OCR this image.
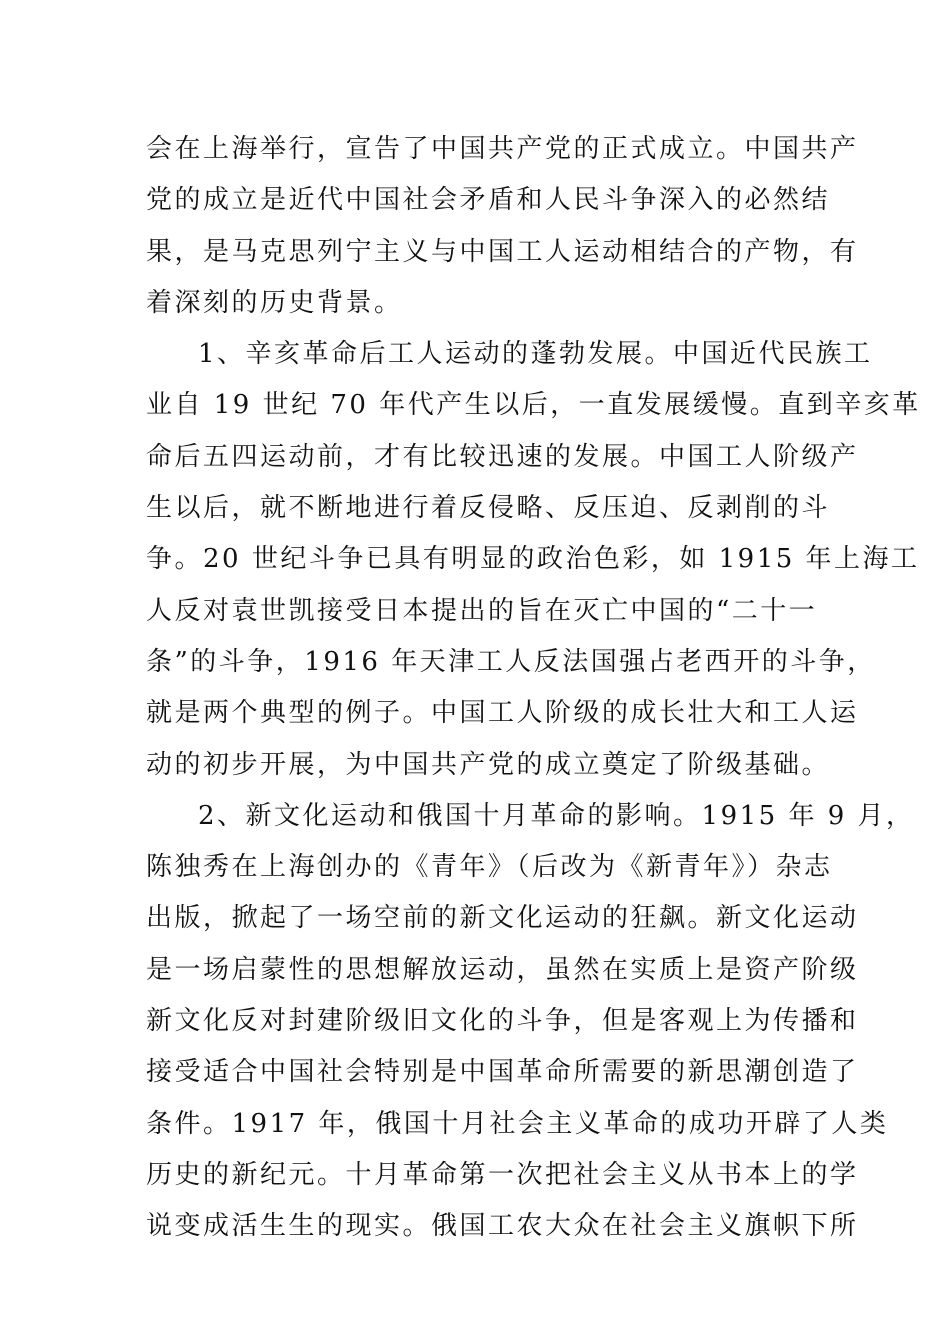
会在上海举行，宣告了中国共产党的正式成立。中国共产
党的成立是近代中国社会矛盾和人民斗争深入的必然结
果，是马克思列宁主义与中国工人运动相结合的产物，有
着深刻的历史背景。
1、辛亥革命后工人运动的蓬勃发展。中国近代民族工
业自 19 世纪 70 年代产生以后，一直发展缓慢。直到辛亥革
命后五四运动前，才有比较迅速的发展。中国工人阶级产
生以后，就不断地进行着反侵略、反压迫、反剥削的斗
争。20 世纪斗争已具有明显的政治色彩，如 1915 年上海工
人反对袁世凯接受日本提出的旨在灭亡中国的“二十一
条”的斗争，1916 年天津工人反法国强占老西开的斗争，
就是两个典型的例子。中国工人阶级的成长壮大和工人运
动的初步开展，为中国共产党的成立奠定了阶级基础。
2、新文化运动和俄国十月革命的影响。1915 年 9 月，
陈独秀在上海创办的《青年》（后改为《新青年》）杂志
出版，掀起了一场空前的新文化运动的狂飙。新文化运动
是一场启蒙性的思想解放运动，虽然在实质上是资产阶级
新文化反对封建阶级旧文化的斗争，但是客观上为传播和
接受适合中国社会特别是中国革命所需要的新思潮创造了
条件。1917 年，俄国十月社会主义革命的成功开辟了人类
历史的新纪元。十月革命第一次把社会主义从书本上的学
说变成活生生的现实。俄国工农大众在社会主义旗帜下所
